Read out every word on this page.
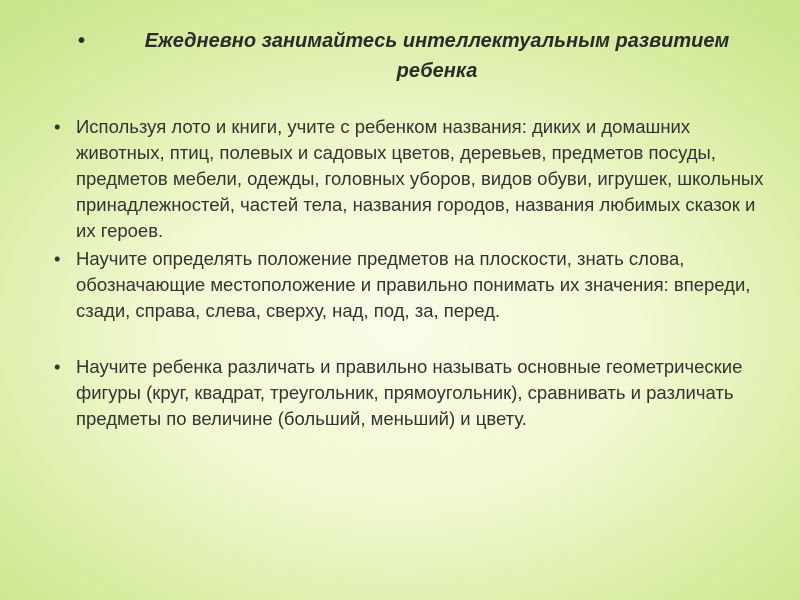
•	Ежедневно занимайтесь интеллектуальным развитием ребенка

• Используя лото и книги, учите с ребенком названия: диких и домашних животных, птиц, полевых и садовых цветов, деревьев, предметов посуды, предметов мебели, одежды, головных уборов, видов обуви, игрушек, школьных принадлежностей, частей тела, названия городов, названия любимых сказок и их героев.
• Научите определять положение предметов на плоскости, знать слова, обозначающие местоположение и правильно понимать их значения: впереди, сзади, справа, слева, сверху, над, под, за, перед.
• Научите ребенка различать и правильно называть основные геометрические фигуры (круг, квадрат, треугольник, прямоугольник), сравнивать и различать предметы по величине (больший, меньший) и цвету.
